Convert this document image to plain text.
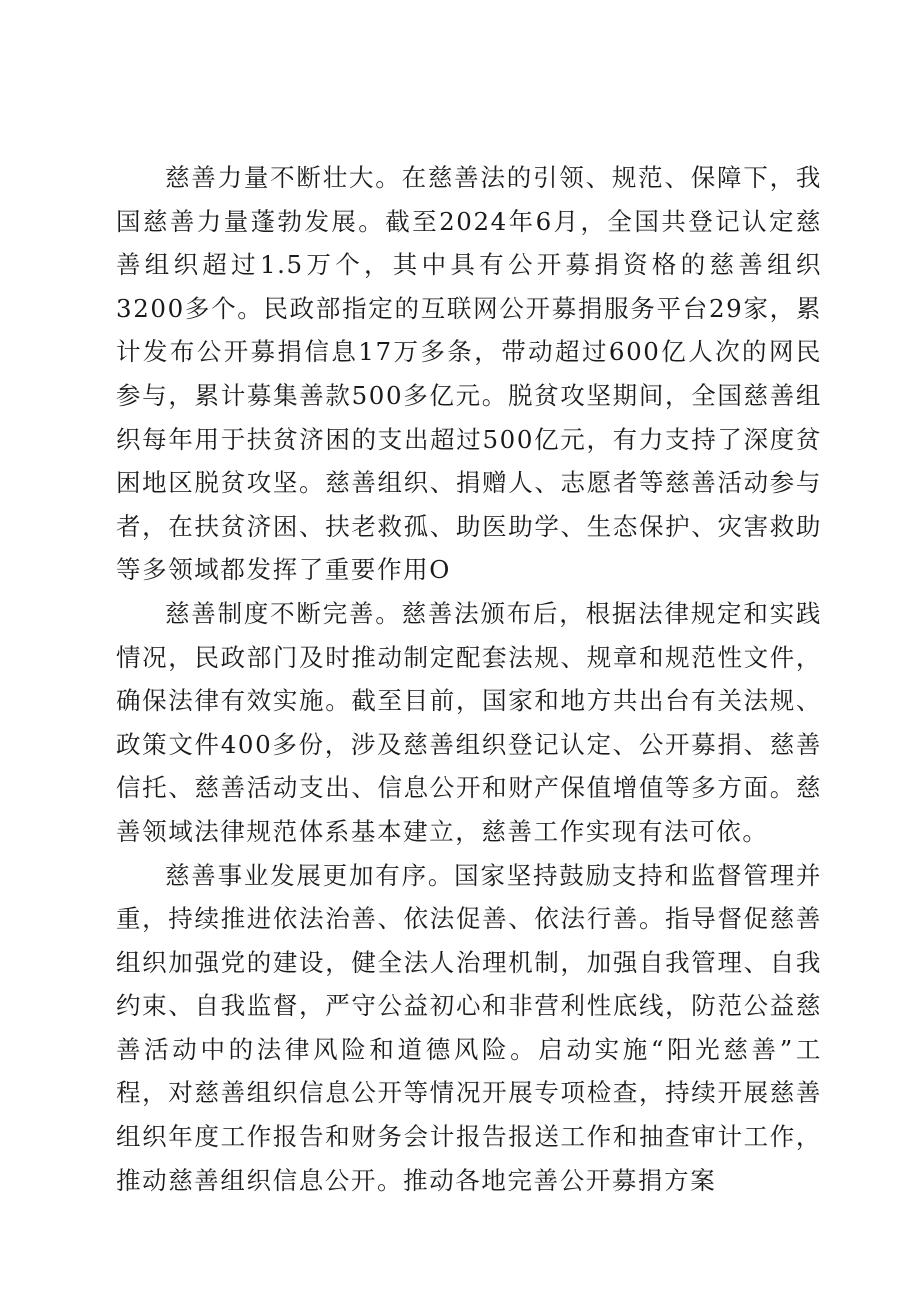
慈善力量不断壮大。在慈善法的引领、规范、保障下，我国慈善力量蓬勃发展。截至2024年6月，全国共登记认定慈善组织超过1.5万个，其中具有公开募捐资格的慈善组织3200多个。民政部指定的互联网公开募捐服务平台29家，累计发布公开募捐信息17万多条，带动超过600亿人次的网民参与，累计募集善款500多亿元。脱贫攻坚期间，全国慈善组织每年用于扶贫济困的支出超过500亿元，有力支持了深度贫困地区脱贫攻坚。慈善组织、捐赠人、志愿者等慈善活动参与者，在扶贫济困、扶老救孤、助医助学、生态保护、灾害救助等多领域都发挥了重要作用O

慈善制度不断完善。慈善法颁布后，根据法律规定和实践情况，民政部门及时推动制定配套法规、规章和规范性文件，确保法律有效实施。截至目前，国家和地方共出台有关法规、政策文件400多份，涉及慈善组织登记认定、公开募捐、慈善信托、慈善活动支出、信息公开和财产保值增值等多方面。慈善领域法律规范体系基本建立，慈善工作实现有法可依。

慈善事业发展更加有序。国家坚持鼓励支持和监督管理并重，持续推进依法治善、依法促善、依法行善。指导督促慈善组织加强党的建设，健全法人治理机制，加强自我管理、自我约束、自我监督，严守公益初心和非营利性底线，防范公益慈善活动中的法律风险和道德风险。启动实施“阳光慈善”工程，对慈善组织信息公开等情况开展专项检查，持续开展慈善组织年度工作报告和财务会计报告报送工作和抽查审计工作，推动慈善组织信息公开。推动各地完善公开募捐方案
